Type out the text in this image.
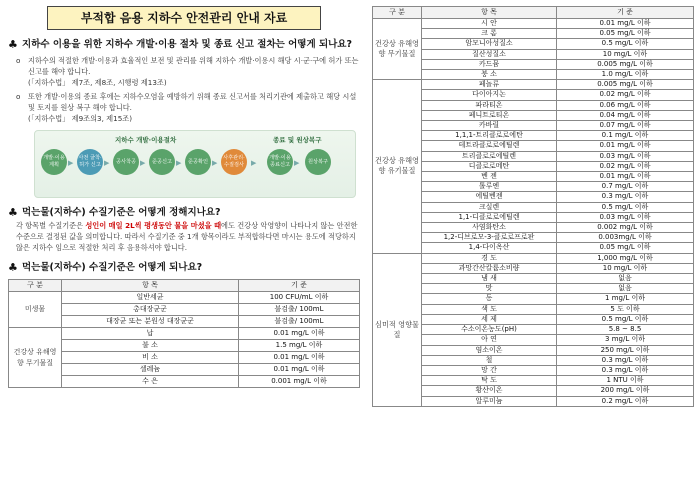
부적합 음용 지하수 안전관리 안내 자료
♣ 지하수 이용을 위한 지하수 개발·이용 절차 및 종료 신고 절차는 어떻게 되나요?
o	지하수의 적절한 개발·이용과 효율적인 보전 및 관리를 위해 지하수 개발·이용시 해당 시·군·구에 허가 또는 신고를 해야 합니다.
(「지하수법」 제7조, 제8조, 시행령 제13조)
o	또한 개발·이용의 종료 후에는 지하수오염을 예방하기 위해 종료 신고서를 처리기관에 제출하고 해당 시설 및 토지를 원상 복구 해야 합니다.
(「지하수법」 제9조의3, 제15조)
지하수 개발·이용절차	종료 및 원상복구
개발·이용계획	▶
사전 굴착·허가 신고 ▶	공사착공 ▶	준공신고 ▶	준공확인 ▶
사후관리·수질검사 ▶
개발·이용 종료신고 ▶	원상복구
♣ 먹는물(지하수) 수질기준은 어떻게 정해지나요?
각 항목별 수질기준은 성인이 매일 2L씩 평생동안 물을 마셨을 때에도 건강상 악영향이 나타나지 않는 안전한 수준으로 결정된 값을 의미합니다. 따라서 수질기준 중 1개 항목이라도 부적합하다면 마시는 용도에 적당하지 않은 지하수 임으로 적절한 처리 후 음용하셔야 합니다.
♣ 먹는물(지하수) 수질기준은 어떻게 되나요?
구 분	항 목	기 준
미생물	일반세균	100 CFU/mL 이하
	총대장균군	불검출/ 100mL
	대장균 또는 분원성 대장균군	불검출/ 100mL
건강상 유해영향 무기물질	납	0.01 mg/L 이하
	불 소	1.5 mg/L 이하
	비 소	0.01 mg/L 이하
	셀레늄	0.01 mg/L 이하
	수 은	0.001 mg/L 이하
구 분	항 목	기 준
건강상 유해영향 무기물질	시 안	0.01 mg/L 이하
	크 롬	0.05 mg/L 이하
	암모니아성질소	0.5 mg/L 이하
	질산성질소	10 mg/L 이하
	카드뮴	0.005 mg/L 이하
	붕 소	1.0 mg/L 이하
건강상 유해영향 유기물질	페놀류	0.005 mg/L 이하
	다이아지논	0.02 mg/L 이하
	파라티온	0.06 mg/L 이하
	페니트로티온	0.04 mg/L 이하
	카바릴	0.07 mg/L 이하
	1,1,1-트리클로로에탄	0.1 mg/L 이하
	테트라클로로에틸렌	0.01 mg/L 이하
	트리클로로에틸렌	0.03 mg/L 이하
	디클로로메탄	0.02 mg/L 이하
	벤 젠	0.01 mg/L 이하
	톨루엔	0.7 mg/L 이하
	에틸벤젠	0.3 mg/L 이하
	크실렌	0.5 mg/L 이하
	1,1-디클로로에틸렌	0.03 mg/L 이하
	사염화탄소	0.002 mg/L 이하
	1,2-디브로모-3-클로로프로판	0.003mg/L 이하
	1,4-다이옥산	0.05 mg/L 이하
심미적 영향물질	경 도	1,000 mg/L 이하
	과망간산칼륨소비량	10 mg/L 이하
	냄 새	없음
	맛	없음
	동	1 mg/L 이하
	색 도	5 도 이하
	세 제	0.5 mg/L 이하
	수소이온농도(pH)	5.8 ~ 8.5
	아 연	3 mg/L 이하
	염소이온	250 mg/L 이하
	철	0.3 mg/L 이하
	망 간	0.3 mg/L 이하
	탁 도	1 NTU 이하
	황산이온	200 mg/L 이하
	알루미늄	0.2 mg/L 이하
